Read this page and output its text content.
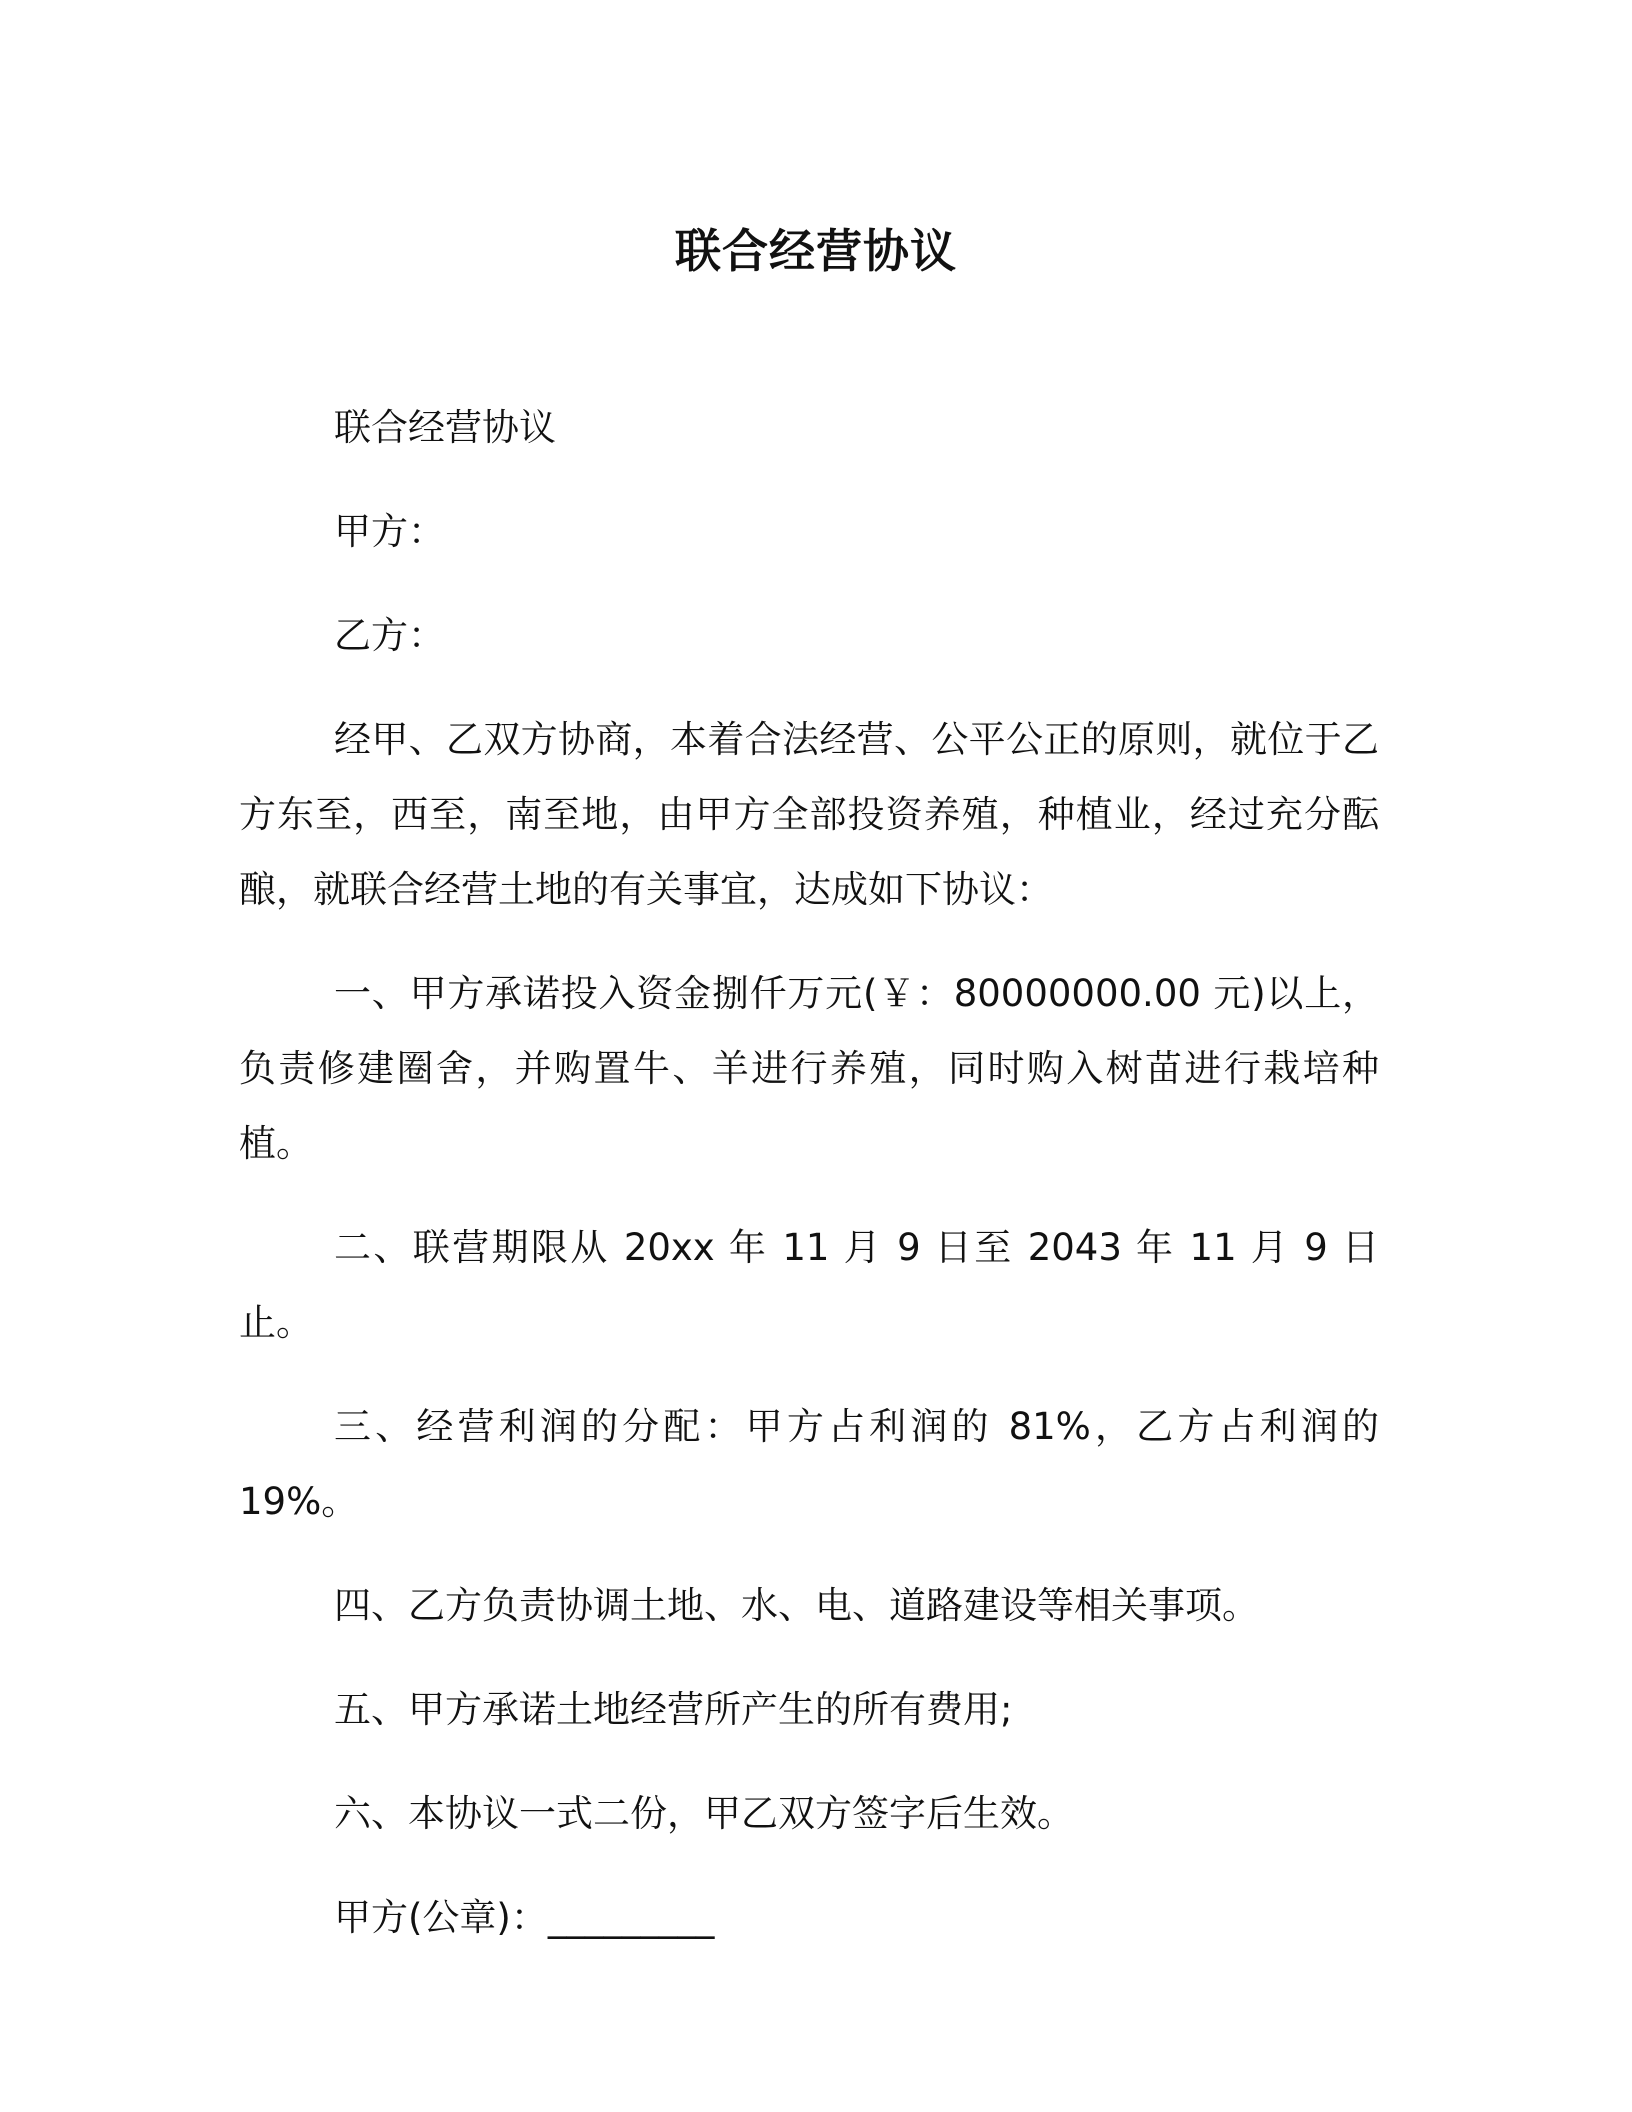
联合经营协议

联合经营协议

甲方：

乙方：

经甲、乙双方协商，本着合法经营、公平公正的原则，就位于乙方东至，西至，南至地，由甲方全部投资养殖，种植业，经过充分酝酿，就联合经营土地的有关事宜，达成如下协议：

一、甲方承诺投入资金捌仟万元(￥：80000000.00 元)以上，负责修建圈舍，并购置牛、羊进行养殖，同时购入树苗进行栽培种植。

二、联营期限从 20xx 年 11 月 9 日至 2043 年 11 月 9 日止。

三、经营利润的分配：甲方占利润的 81%，乙方占利润的 19%。

四、乙方负责协调土地、水、电、道路建设等相关事项。

五、甲方承诺土地经营所产生的所有费用;

六、本协议一式二份，甲乙双方签字后生效。

甲方(公章)：_________
